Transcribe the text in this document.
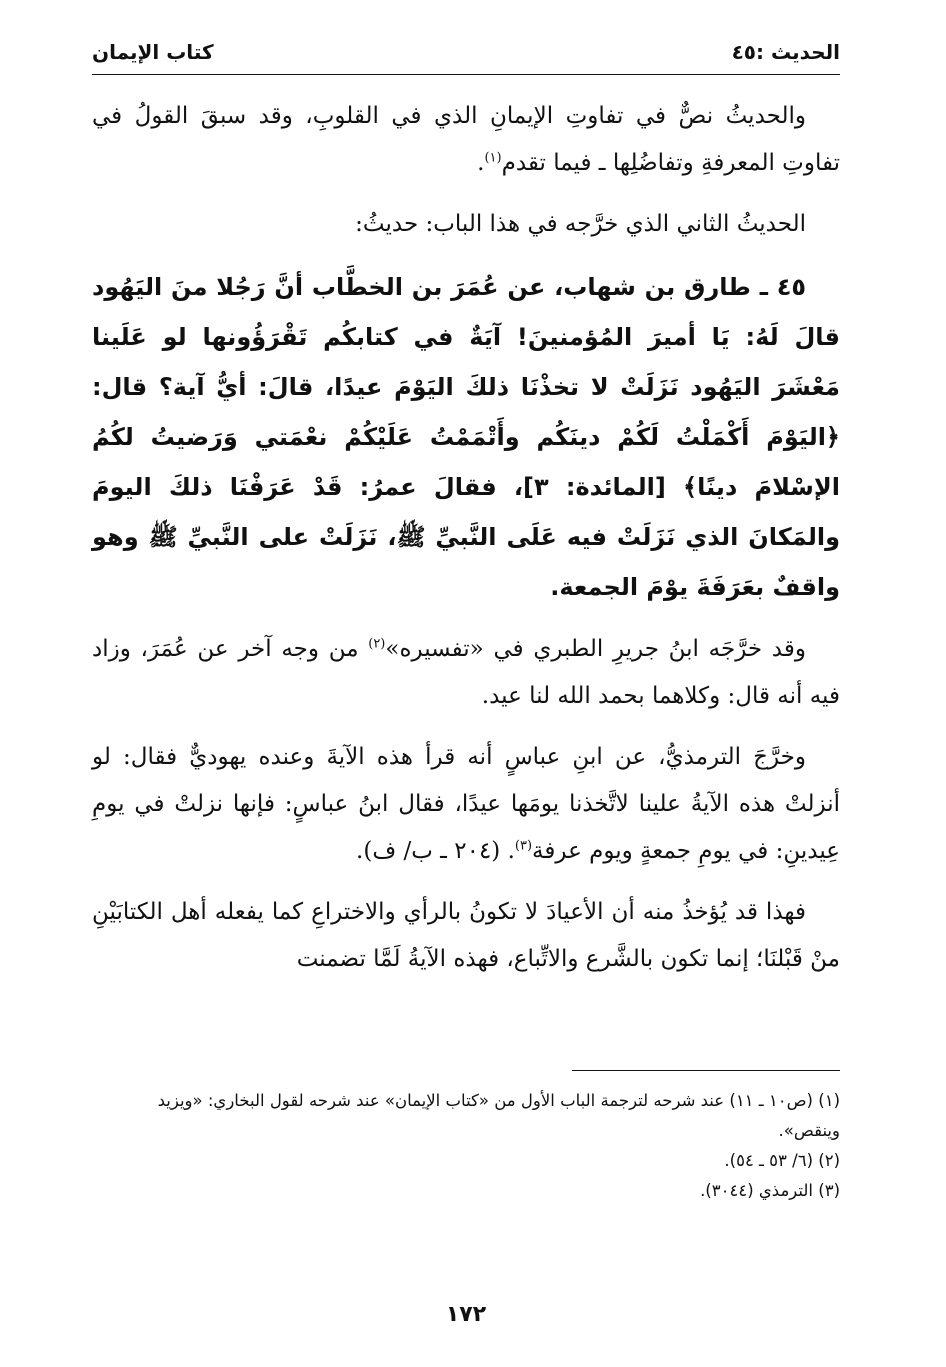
الحديث :٤٥
كتاب الإيمان

والحديثُ نصٌّ في تفاوتِ الإيمانِ الذي في القلوبِ، وقد سبقَ القولُ في تفاوتِ المعرفةِ وتفاضُلِها ـ فيما تقدم$^{(١)}$.

الحديثُ الثاني الذي خرَّجه في هذا الباب: حديثُ:

٤٥ ـ طارق بن شهاب، عن عُمَرَ بن الخطَّاب أنَّ رَجُلا منَ اليَهُود قالَ لَهُ: يَا أميرَ المُؤمنينَ! آيَةٌ في كتابكُم تَقْرَؤُونها لو عَلَينا مَعْشَرَ اليَهُود نَزَلَتْ لا تخذْنَا ذلكَ اليَوْمَ عيدًا، قالَ: أيُّ آية؟ قال: ﴿اليَوْمَ أَكْمَلْتُ لَكُمْ دينَكُم وأَتْمَمْتُ عَلَيْكُمْ نعْمَتي وَرَضيتُ لكُمُ الإسْلامَ دينًا﴾ [المائدة: ٣]، فقالَ عمرُ: قَدْ عَرَفْنَا ذلكَ اليومَ والمَكانَ الذي نَزَلَتْ فيه عَلَى النَّبيِّ ﷺ، نَزَلَتْ على النَّبيِّ ﷺ وهو واقفٌ بعَرَفَةَ يوْمَ الجمعة.

وقد خرَّجَه ابنُ جريرِ الطبري في «تفسيره»$^{(٢)}$ من وجه آخر عن عُمَرَ، وزاد فيه أنه قال: وكلاهما بحمد الله لنا عيد.

وخرَّجَ الترمذيُّ، عن ابنِ عباسٍ أنه قرأ هذه الآيةَ وعنده يهوديٌّ فقال: لو أنزلتْ هذه الآيةُ علينا لاتَّخذنا يومَها عيدًا، فقال ابنُ عباسٍ: فإنها نزلتْ في يومِ عِيدينِ: في يومِ جمعةٍ ويوم عرفة$^{(٣)}$. (٢٠٤ ـ ب/ ف).

فهذا قد يُؤخذُ منه أن الأعيادَ لا تكونُ بالرأي والاختراعِ كما يفعله أهل الكتابَيْنِ منْ قَبْلنَا؛ إنما تكون بالشَّرع والاتِّباع، فهذه الآيةُ لَمَّا تضمنت

(١) (ص١٠ ـ ١١) عند شرحه لترجمة الباب الأول من «كتاب الإيمان» عند شرحه لقول البخاري: «ويزيد وينقص».

(٢) (٦/ ٥٣ ـ ٥٤).

(٣) الترمذي (٣٠٤٤).

١٧٢
